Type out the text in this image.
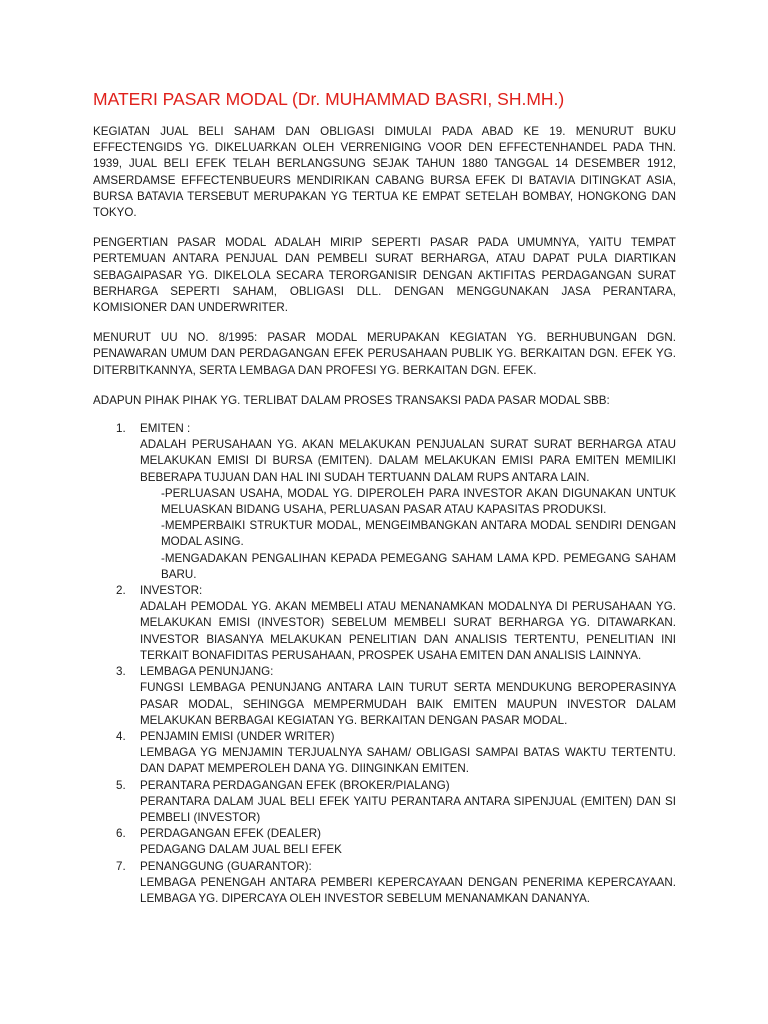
MATERI PASAR MODAL (Dr. MUHAMMAD BASRI, SH.MH.)

KEGIATAN JUAL BELI SAHAM DAN OBLIGASI DIMULAI PADA ABAD KE 19. MENURUT BUKU EFFECTENGIDS YG. DIKELUARKAN OLEH VERRENIGING VOOR DEN EFFECTENHANDEL PADA THN. 1939, JUAL BELI EFEK TELAH BERLANGSUNG SEJAK TAHUN 1880 TANGGAL 14 DESEMBER 1912, AMSERDAMSE EFFECTENBUEURS MENDIRIKAN CABANG BURSA EFEK DI BATAVIA DITINGKAT ASIA, BURSA BATAVIA TERSEBUT MERUPAKAN YG TERTUA KE EMPAT SETELAH BOMBAY, HONGKONG DAN TOKYO.

PENGERTIAN PASAR MODAL ADALAH MIRIP SEPERTI PASAR PADA UMUMNYA, YAITU TEMPAT PERTEMUAN ANTARA PENJUAL DAN PEMBELI SURAT BERHARGA, ATAU DAPAT PULA DIARTIKAN SEBAGAIPASAR YG. DIKELOLA SECARA TERORGANISIR DENGAN AKTIFITAS PERDAGANGAN SURAT BERHARGA SEPERTI SAHAM, OBLIGASI DLL. DENGAN MENGGUNAKAN JASA PERANTARA, KOMISIONER DAN UNDERWRITER.

MENURUT UU NO. 8/1995: PASAR MODAL MERUPAKAN KEGIATAN YG. BERHUBUNGAN DGN. PENAWARAN UMUM DAN PERDAGANGAN EFEK PERUSAHAAN PUBLIK YG. BERKAITAN DGN. EFEK YG. DITERBITKANNYA, SERTA LEMBAGA DAN PROFESI YG. BERKAITAN DGN. EFEK.

ADAPUN PIHAK PIHAK YG. TERLIBAT DALAM PROSES TRANSAKSI PADA PASAR MODAL SBB:

1. EMITEN :
ADALAH PERUSAHAAN YG. AKAN MELAKUKAN PENJUALAN SURAT SURAT BERHARGA ATAU MELAKUKAN EMISI DI BURSA (EMITEN). DALAM MELAKUKAN EMISI PARA EMITEN MEMILIKI BEBERAPA TUJUAN DAN HAL INI SUDAH TERTUANN DALAM RUPS ANTARA LAIN.
-PERLUASAN USAHA, MODAL YG. DIPEROLEH PARA INVESTOR AKAN DIGUNAKAN UNTUK MELUASKAN BIDANG USAHA, PERLUASAN PASAR ATAU KAPASITAS PRODUKSI.
-MEMPERBAIKI STRUKTUR MODAL, MENGEIMBANGKAN ANTARA MODAL SENDIRI DENGAN MODAL ASING.
-MENGADAKAN PENGALIHAN KEPADA PEMEGANG SAHAM LAMA KPD. PEMEGANG SAHAM BARU.
2. INVESTOR:
ADALAH PEMODAL YG. AKAN MEMBELI ATAU MENANAMKAN MODALNYA DI PERUSAHAAN YG. MELAKUKAN EMISI (INVESTOR) SEBELUM MEMBELI SURAT BERHARGA YG. DITAWARKAN. INVESTOR BIASANYA MELAKUKAN PENELITIAN DAN ANALISIS TERTENTU, PENELITIAN INI TERKAIT BONAFIDITAS PERUSAHAAN, PROSPEK USAHA EMITEN DAN ANALISIS LAINNYA.
3. LEMBAGA PENUNJANG:
FUNGSI LEMBAGA PENUNJANG ANTARA LAIN TURUT SERTA MENDUKUNG BEROPERASINYA PASAR MODAL, SEHINGGA MEMPERMUDAH BAIK EMITEN MAUPUN INVESTOR DALAM MELAKUKAN BERBAGAI KEGIATAN YG. BERKAITAN DENGAN PASAR MODAL.
4. PENJAMIN EMISI (UNDER WRITER)
LEMBAGA YG MENJAMIN TERJUALNYA SAHAM/ OBLIGASI SAMPAI BATAS WAKTU TERTENTU. DAN DAPAT MEMPEROLEH DANA YG. DIINGINKAN EMITEN.
5. PERANTARA PERDAGANGAN EFEK (BROKER/PIALANG)
PERANTARA DALAM JUAL BELI EFEK YAITU PERANTARA ANTARA SIPENJUAL (EMITEN) DAN SI PEMBELI (INVESTOR)
6. PERDAGANGAN EFEK (DEALER)
PEDAGANG DALAM JUAL BELI EFEK
7. PENANGGUNG (GUARANTOR):
LEMBAGA PENENGAH ANTARA PEMBERI KEPERCAYAAN DENGAN PENERIMA KEPERCAYAAN. LEMBAGA YG. DIPERCAYA OLEH INVESTOR SEBELUM MENANAMKAN DANANYA.
